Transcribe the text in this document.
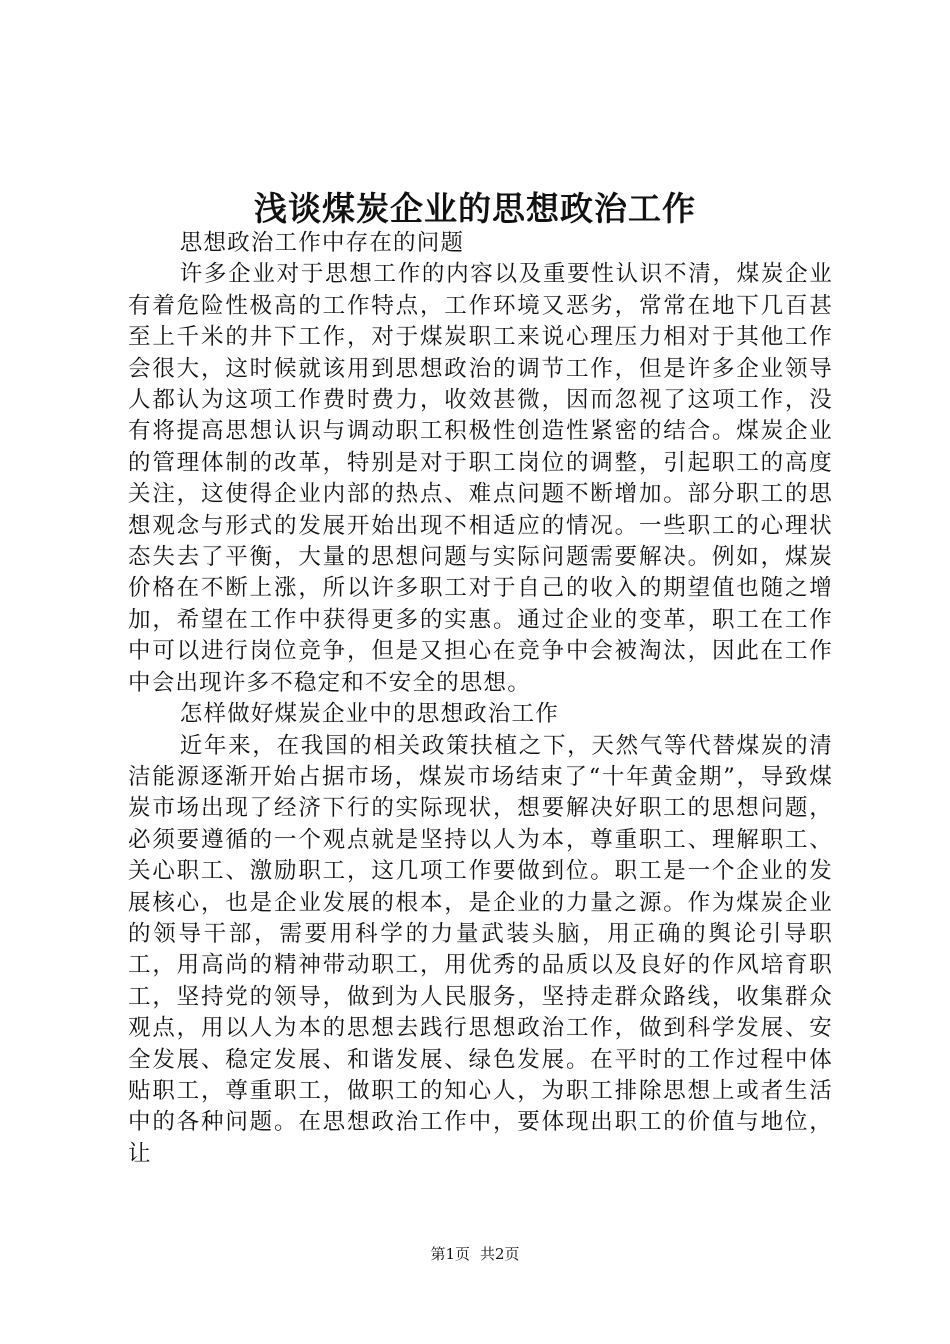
浅谈煤炭企业的思想政治工作

思想政治工作中存在的问题

许多企业对于思想工作的内容以及重要性认识不清，煤炭企业有着危险性极高的工作特点，工作环境又恶劣，常常在地下几百甚至上千米的井下工作，对于煤炭职工来说心理压力相对于其他工作会很大，这时候就该用到思想政治的调节工作，但是许多企业领导人都认为这项工作费时费力，收效甚微，因而忽视了这项工作，没有将提高思想认识与调动职工积极性创造性紧密的结合。煤炭企业的管理体制的改革，特别是对于职工岗位的调整，引起职工的高度关注，这使得企业内部的热点、难点问题不断增加。部分职工的思想观念与形式的发展开始出现不相适应的情况。一些职工的心理状态失去了平衡，大量的思想问题与实际问题需要解决。例如，煤炭价格在不断上涨，所以许多职工对于自己的收入的期望值也随之增加，希望在工作中获得更多的实惠。通过企业的变革，职工在工作中可以进行岗位竞争，但是又担心在竞争中会被淘汰，因此在工作中会出现许多不稳定和不安全的思想。

怎样做好煤炭企业中的思想政治工作

近年来，在我国的相关政策扶植之下，天然气等代替煤炭的清洁能源逐渐开始占据市场，煤炭市场结束了“十年黄金期”，导致煤炭市场出现了经济下行的实际现状，想要解决好职工的思想问题，必须要遵循的一个观点就是坚持以人为本，尊重职工、理解职工、关心职工、激励职工，这几项工作要做到位。职工是一个企业的发展核心，也是企业发展的根本，是企业的力量之源。作为煤炭企业的领导干部，需要用科学的力量武装头脑，用正确的舆论引导职工，用高尚的精神带动职工，用优秀的品质以及良好的作风培育职工，坚持党的领导，做到为人民服务，坚持走群众路线，收集群众观点，用以人为本的思想去践行思想政治工作，做到科学发展、安全发展、稳定发展、和谐发展、绿色发展。在平时的工作过程中体贴职工，尊重职工，做职工的知心人，为职工排除思想上或者生活中的各种问题。在思想政治工作中，要体现出职工的价值与地位，让

第1页 共2页
